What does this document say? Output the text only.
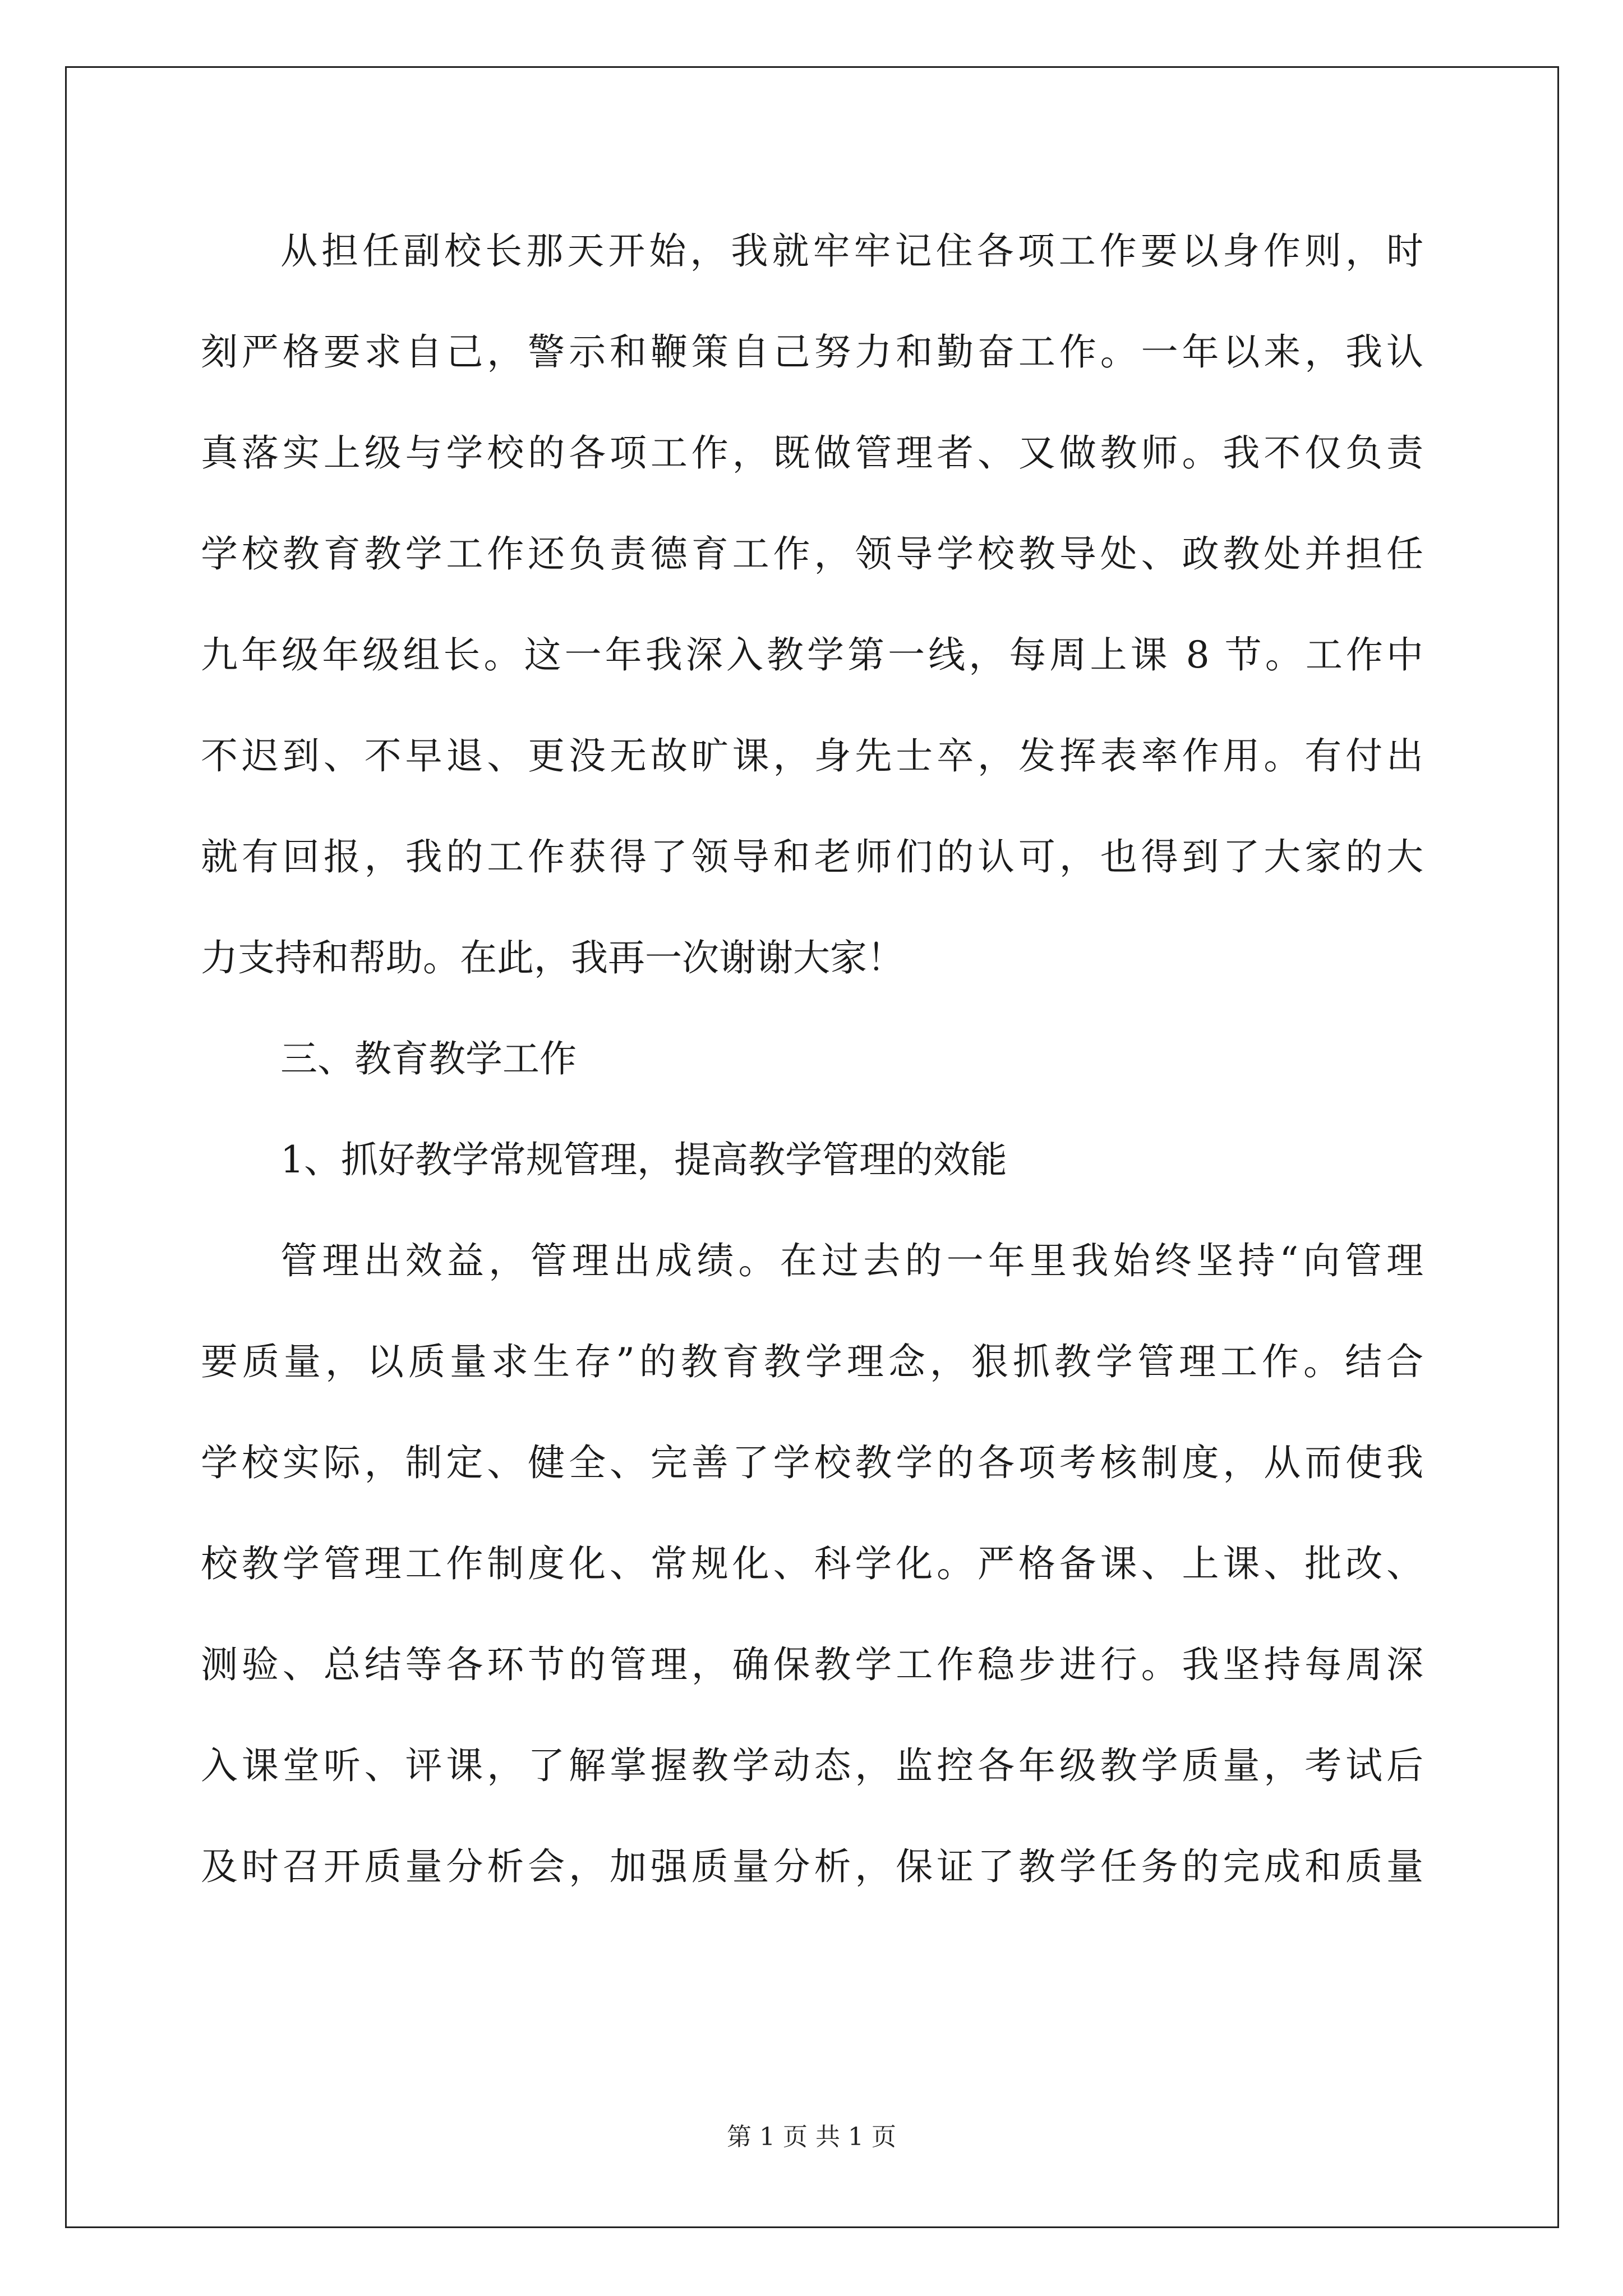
从担任副校长那天开始，我就牢牢记住各项工作要以身作则，时

刻严格要求自己，警示和鞭策自己努力和勤奋工作。一年以来，我认

真落实上级与学校的各项工作，既做管理者、又做教师。我不仅负责

学校教育教学工作还负责德育工作，领导学校教导处、政教处并担任

九年级年级组长。这一年我深入教学第一线，每周上课 8 节。工作中

不迟到、不早退、更没无故旷课，身先士卒，发挥表率作用。有付出

就有回报，我的工作获得了领导和老师们的认可，也得到了大家的大

力支持和帮助。在此，我再一次谢谢大家！

三、教育教学工作

1、抓好教学常规管理，提高教学管理的效能

管理出效益，管理出成绩。在过去的一年里我始终坚持“向管理

要质量，以质量求生存”的教育教学理念，狠抓教学管理工作。结合

学校实际，制定、健全、完善了学校教学的各项考核制度，从而使我

校教学管理工作制度化、常规化、科学化。严格备课、上课、批改、

测验、总结等各环节的管理，确保教学工作稳步进行。我坚持每周深

入课堂听、评课，了解掌握教学动态，监控各年级教学质量，考试后

及时召开质量分析会，加强质量分析，保证了教学任务的完成和质量

第 1 页 共 1 页
